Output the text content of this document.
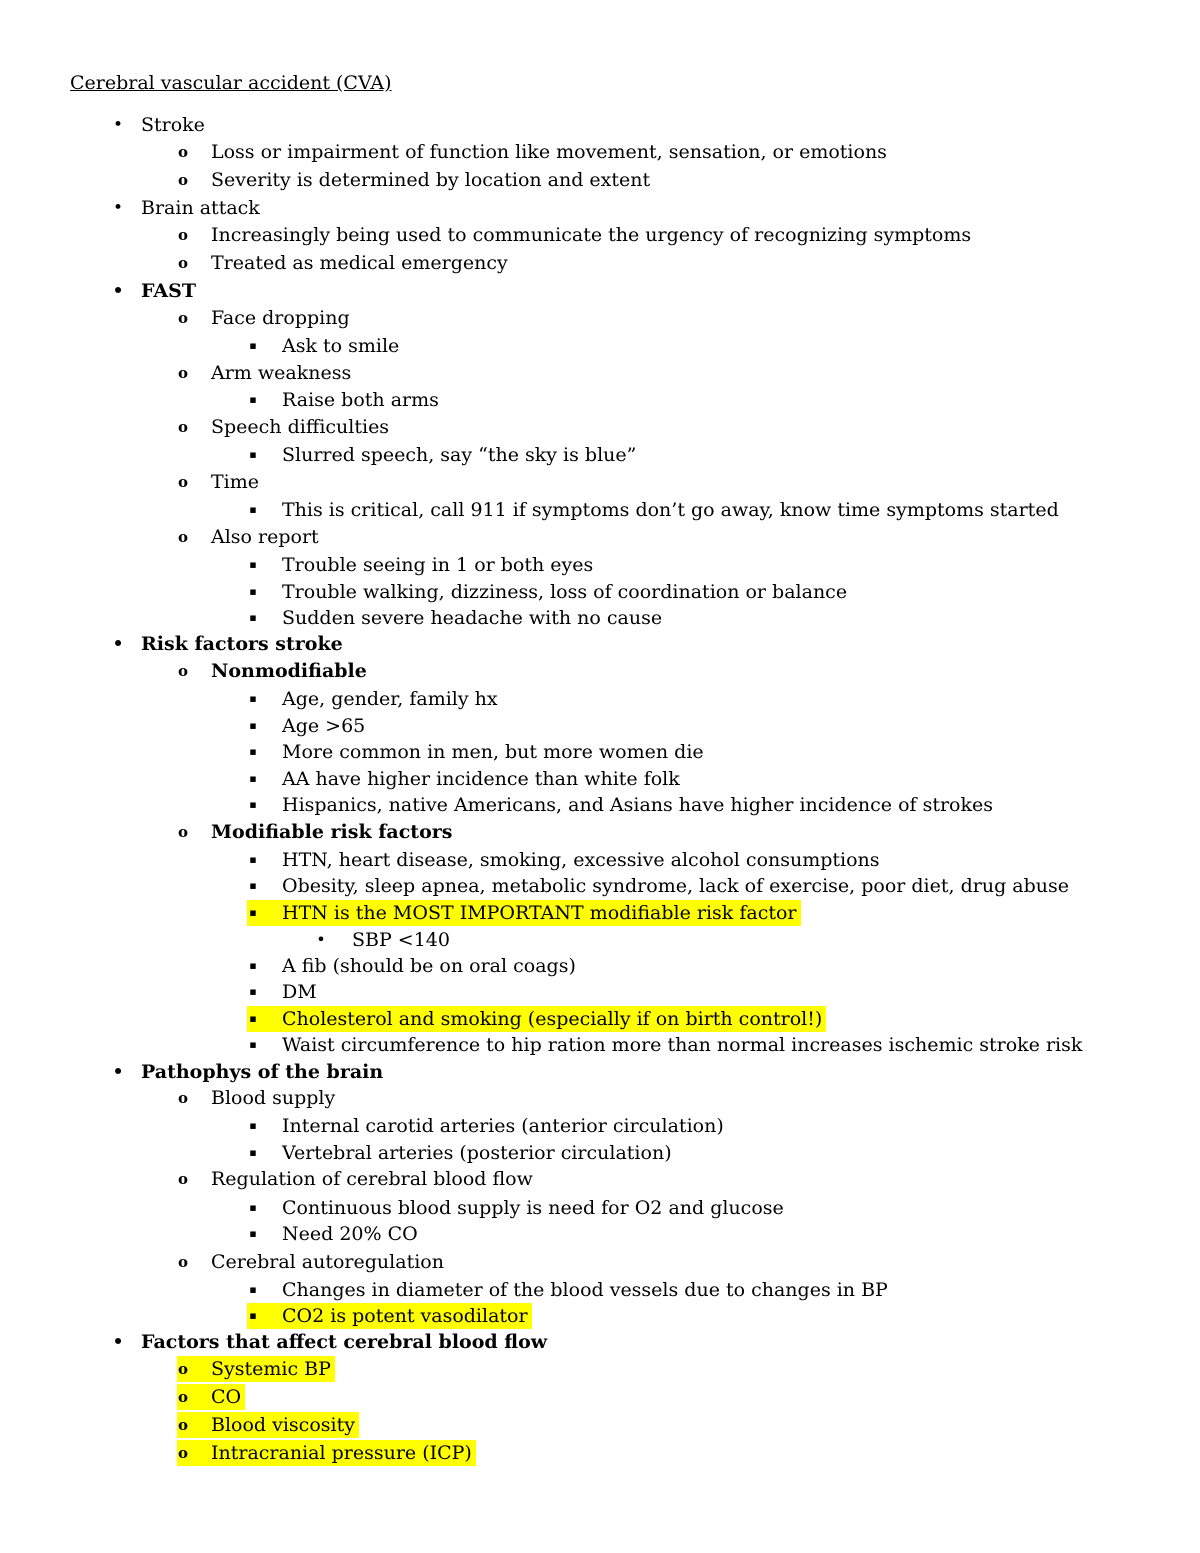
Cerebral vascular accident (CVA)
• Stroke
o	Loss or impairment of function like movement, sensation, or emotions
o	Severity is determined by location and extent
• Brain attack
o	Increasingly being used to communicate the urgency of recognizing symptoms
o	Treated as medical emergency
• FAST
o	Face dropping
▪	Ask to smile
o	Arm weakness
▪	Raise both arms
o	Speech difficulties
▪	Slurred speech, say “the sky is blue”
o	Time
▪	This is critical, call 911 if symptoms don’t go away, know time symptoms started
o	Also report
▪	Trouble seeing in 1 or both eyes
▪	Trouble walking, dizziness, loss of coordination or balance
▪	Sudden severe headache with no cause
• Risk factors stroke
o	Nonmodifiable
▪	Age, gender, family hx
▪	Age >65
▪	More common in men, but more women die
▪	AA have higher incidence than white folk
▪	Hispanics, native Americans, and Asians have higher incidence of strokes
o	Modifiable risk factors
▪	HTN, heart disease, smoking, excessive alcohol consumptions
▪	Obesity, sleep apnea, metabolic syndrome, lack of exercise, poor diet, drug abuse
▪	HTN is the MOST IMPORTANT modifiable risk factor
•	SBP <140
▪	A fib (should be on oral coags)
▪	DM
▪	Cholesterol and smoking (especially if on birth control!)
▪	Waist circumference to hip ration more than normal increases ischemic stroke risk
• Pathophys of the brain
o	Blood supply
▪	Internal carotid arteries (anterior circulation)
▪	Vertebral arteries (posterior circulation)
o	Regulation of cerebral blood flow
▪	Continuous blood supply is need for O2 and glucose
▪	Need 20% CO
o	Cerebral autoregulation
▪	Changes in diameter of the blood vessels due to changes in BP
▪	CO2 is potent vasodilator
• Factors that affect cerebral blood flow
o	Systemic BP
o	CO
o	Blood viscosity
o	Intracranial pressure (ICP)
